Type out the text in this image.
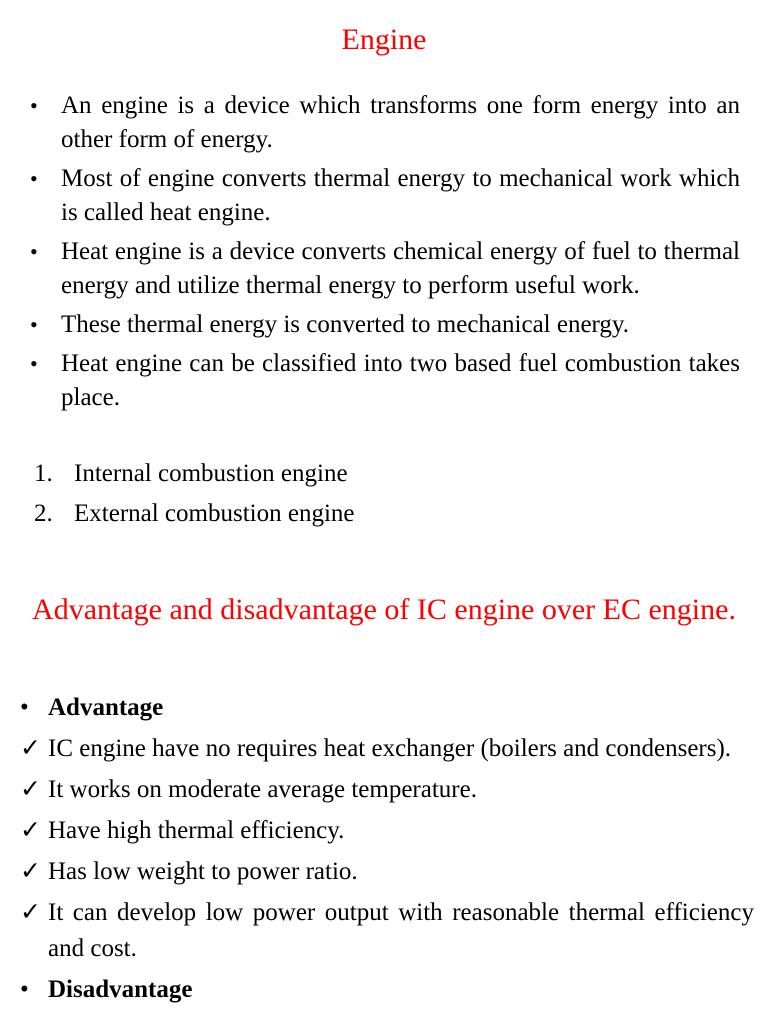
Engine
• An engine is a device which transforms one form energy into an other form of energy.
• Most of engine converts thermal energy to mechanical work which is called heat engine.
• Heat engine is a device converts chemical energy of fuel to thermal energy and utilize thermal energy to perform useful work.
• These thermal energy is converted to mechanical energy.
• Heat engine can be classified into two based fuel combustion takes place.
1. Internal combustion engine
2. External combustion engine
Advantage and disadvantage of IC engine over EC engine.
• Advantage
✓ IC engine have no requires heat exchanger (boilers and condensers).
✓ It works on moderate average temperature.
✓ Have high thermal efficiency.
✓ Has low weight to power ratio.
✓ It can develop low power output with reasonable thermal efficiency and cost.
• Disadvantage
